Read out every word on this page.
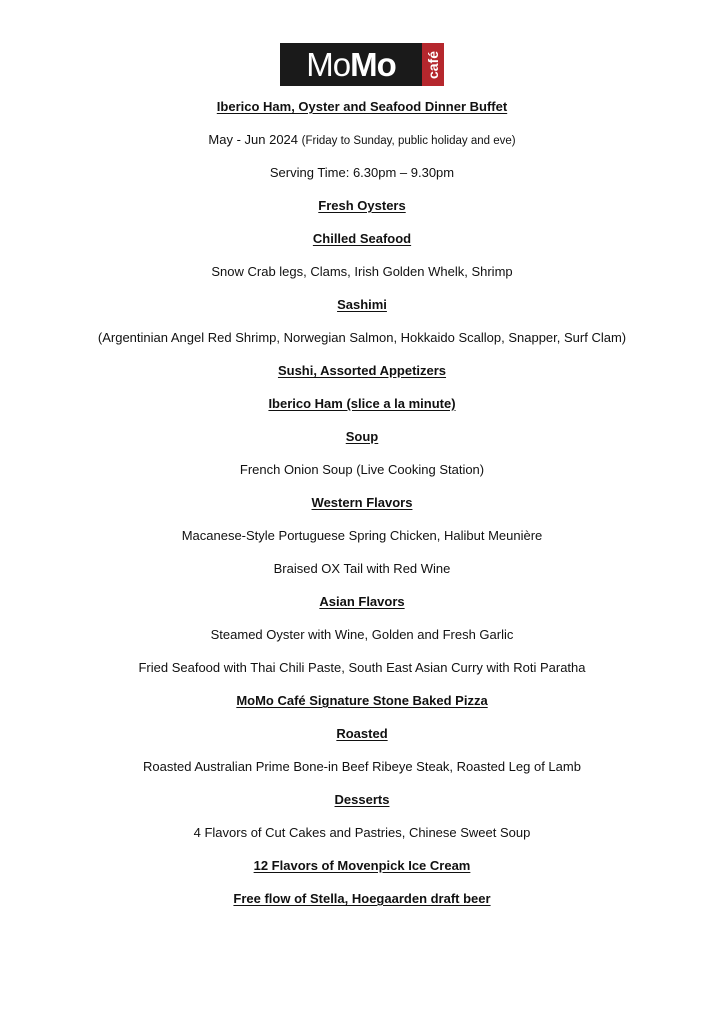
Mo Mo café
Iberico Ham, Oyster and Seafood Dinner Buffet
May - Jun 2024 (Friday to Sunday, public holiday and eve)
Serving Time: 6.30pm – 9.30pm
Fresh Oysters
Chilled Seafood
Snow Crab legs, Clams, Irish Golden Whelk, Shrimp
Sashimi
(Argentinian Angel Red Shrimp, Norwegian Salmon, Hokkaido Scallop, Snapper, Surf Clam)
Sushi, Assorted Appetizers
Iberico Ham (slice a la minute)
Soup
French Onion Soup (Live Cooking Station)
Western Flavors
Macanese-Style Portuguese Spring Chicken, Halibut Meunière
Braised OX Tail with Red Wine
Asian Flavors
Steamed Oyster with Wine, Golden and Fresh Garlic
Fried Seafood with Thai Chili Paste, South East Asian Curry with Roti Paratha
MoMo Café Signature Stone Baked Pizza
Roasted
Roasted Australian Prime Bone-in Beef Ribeye Steak, Roasted Leg of Lamb
Desserts
4 Flavors of Cut Cakes and Pastries, Chinese Sweet Soup
12 Flavors of Movenpick Ice Cream
Free flow of Stella, Hoegaarden draft beer
